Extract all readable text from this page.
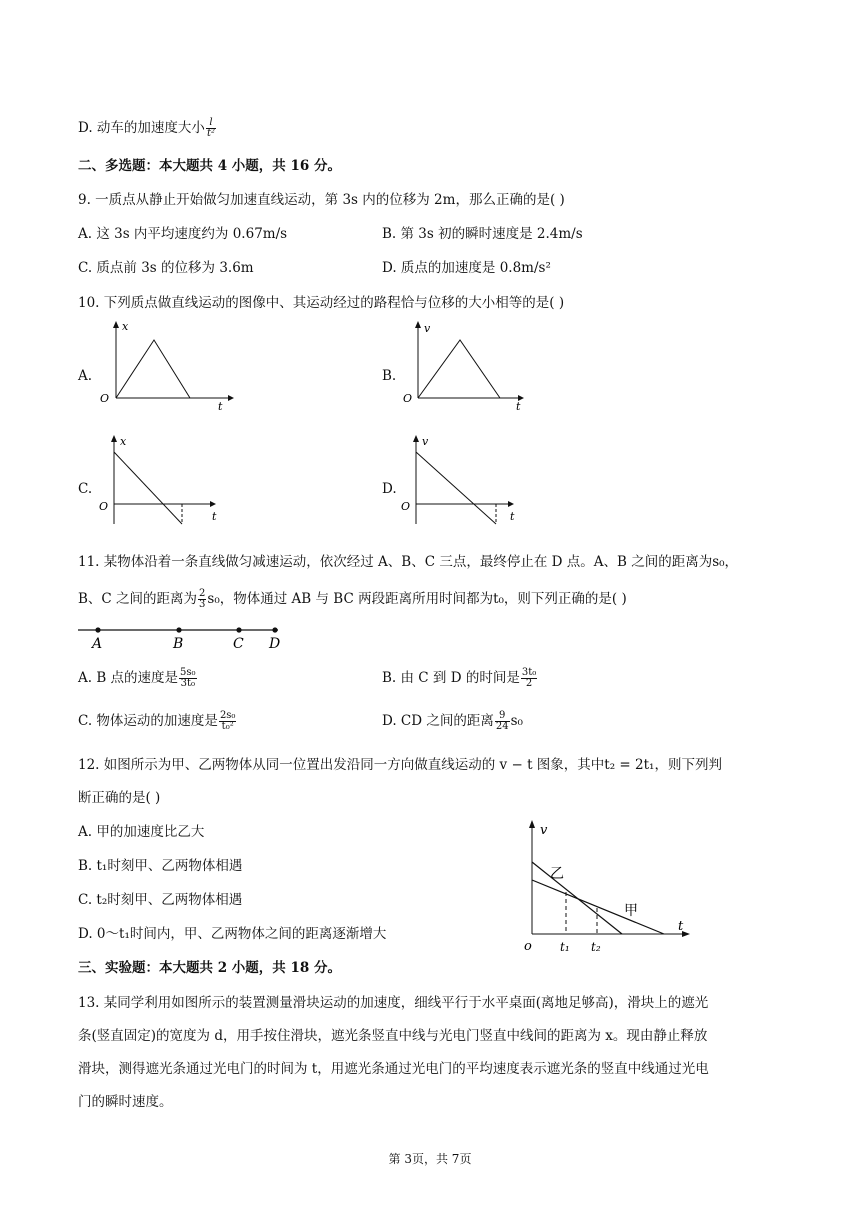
D. 动车的加速度大小 $\frac{l}{\text{t²}}$
二、多选题：本大题共 4 小题，共 16 分。
9. 一质点从静止开始做匀加速直线运动，第 3s 内的位移为 2m，那么正确的是( )
A. 这 3s 内平均速度约为 0.67m/s	B. 第 3s 初的瞬时速度是 2.4m/s
C. 质点前 3s 的位移为 3.6m	D. 质点的加速度是 0.8m/s²
10. 下列质点做直线运动的图像中、其运动经过的路程恰与位移的大小相等的是( )
A.
x
t
O
B.
v
t
O
C.
x
t
O
D.
v
t
O
11. 某物体沿着一条直线做匀减速运动，依次经过 A、B、C 三点，最终停止在 D 点。A、B 之间的距离为s₀，
B、C 之间的距离为 $\frac{2}{3} s_0$，物体通过 AB 与 BC 两段距离所用时间都为t₀，则下列正确的是( )
A	B	C D
A. B 点的速度是 $\frac{\text{5s₀}}{\text{3t₀}}$	B. 由 C 到 D 的时间是 $\frac{\text{3t₀}}{2}$
C. 物体运动的加速度是 $\frac{\text{2s₀}}{\text{t₀²}}$	D. CD 之间的距离 $\frac{9}{24} s_0$
12. 如图所示为甲、乙两物体从同一位置出发沿同一方向做直线运动的 v − t 图象，其中t₂ = 2t₁，则下列判
断正确的是( )
A. 甲的加速度比乙大
B. t₁时刻甲、乙两物体相遇
C. t₂时刻甲、乙两物体相遇
D. 0～t₁时间内，甲、乙两物体之间的距离逐渐增大
v
t
o t₁ t₂
甲
乙
三、实验题：本大题共 2 小题，共 18 分。
13. 某同学利用如图所示的装置测量滑块运动的加速度，细线平行于水平桌面(离地足够高)，滑块上的遮光
条(竖直固定)的宽度为 d，用手按住滑块，遮光条竖直中线与光电门竖直中线间的距离为 x。现由静止释放
滑块，测得遮光条通过光电门的时间为 t，用遮光条通过光电门的平均速度表示遮光条的竖直中线通过光电
门的瞬时速度。
第 3页，共 7页
